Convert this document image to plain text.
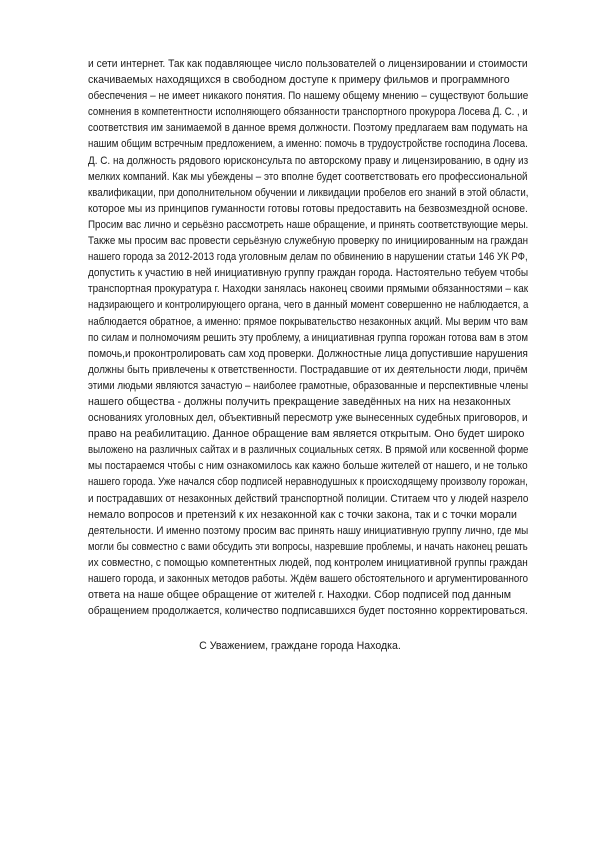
и сети интернет. Так как подавляющее число пользователей о лицензировании и стоимости
скачиваемых находящихся в свободном доступе к примеру фильмов и программного
обеспечения – не имеет никакого понятия. По нашему общему мнению – существуют большие
сомнения в компетентности исполняющего обязанности транспортного прокурора Лосева Д. С. , и
соответствия им занимаемой в данное время должности. Поэтому предлагаем вам подумать на
нашим общим встречным предложением, а именно: помочь в трудоустройстве господина Лосева.
Д. С. на должность рядового юрисконсульта по авторскому праву и лицензированию, в одну из
мелких компаний. Как мы убеждены – это вполне будет соответствовать его профессиональной
квалификации, при дополнительном обучении и ликвидации пробелов его знаний в этой области,
которое мы из принципов гуманности готовы готовы предоставить на безвозмездной основе.
Просим вас лично и серьёзно рассмотреть наше обращение, и принять соответствующие меры.
Также мы просим вас провести серьёзную служебную проверку по инициированным на граждан
нашего города за 2012-2013 года уголовным делам по обвинению в нарушении статьи 146 УК РФ,
допустить к участию в ней инициативную группу граждан города. Настоятельно тебуем чтобы
транспортная прокуратура г. Находки занялась наконец своими прямыми обязанностями – как
надзирающего и контролирующего органа, чего в данный момент совершенно не наблюдается, а
наблюдается обратное, а именно: прямое покрывательство незаконных акций. Мы верим что вам
по силам и полномочиям решить эту проблему, а инициативная группа горожан готова вам в этом
помочь,и проконтролировать сам ход проверки. Должностные лица допустившие нарушения
должны быть привлечены к ответственности. Пострадавшие от их деятельности люди, причём
этими людьми являются зачастую – наиболее грамотные, образованные и перспективные члены
нашего общества - должны получить прекращение заведённых на них на незаконных
основаниях уголовных дел, объективный пересмотр уже вынесенных судебных приговоров, и
право на реабилитацию. Данное обращение вам является открытым. Оно будет широко
выложено на различных сайтах и в различных социальных сетях. В прямой или косвенной форме
мы постараемся чтобы с ним ознакомилось как кажно больше жителей от нашего, и не только
нашего города. Уже начался сбор подписей неравнодушных к происходящему произволу горожан,
и пострадавших от незаконных действий транспортной полиции. Ститаем что у людей назрело
немало вопросов и претензий к их незаконной как с точки закона, так и с точки морали
деятельности. И именно поэтому просим вас принять нашу инициативную группу лично, где мы
могли бы совместно с вами обсудить эти вопросы, назревшие проблемы, и начать наконец решать
их совместно, с помощью компетентных людей, под контролем инициативной группы граждан
нашего города, и законных методов работы. Ждём вашего обстоятельного и аргументированного
ответа на наше общее обращение от жителей г. Находки. Сбор подписей под данным
обращением продолжается, количество подписавшихся будет постоянно корректироваться.
С Уважением, граждане города Находка.
